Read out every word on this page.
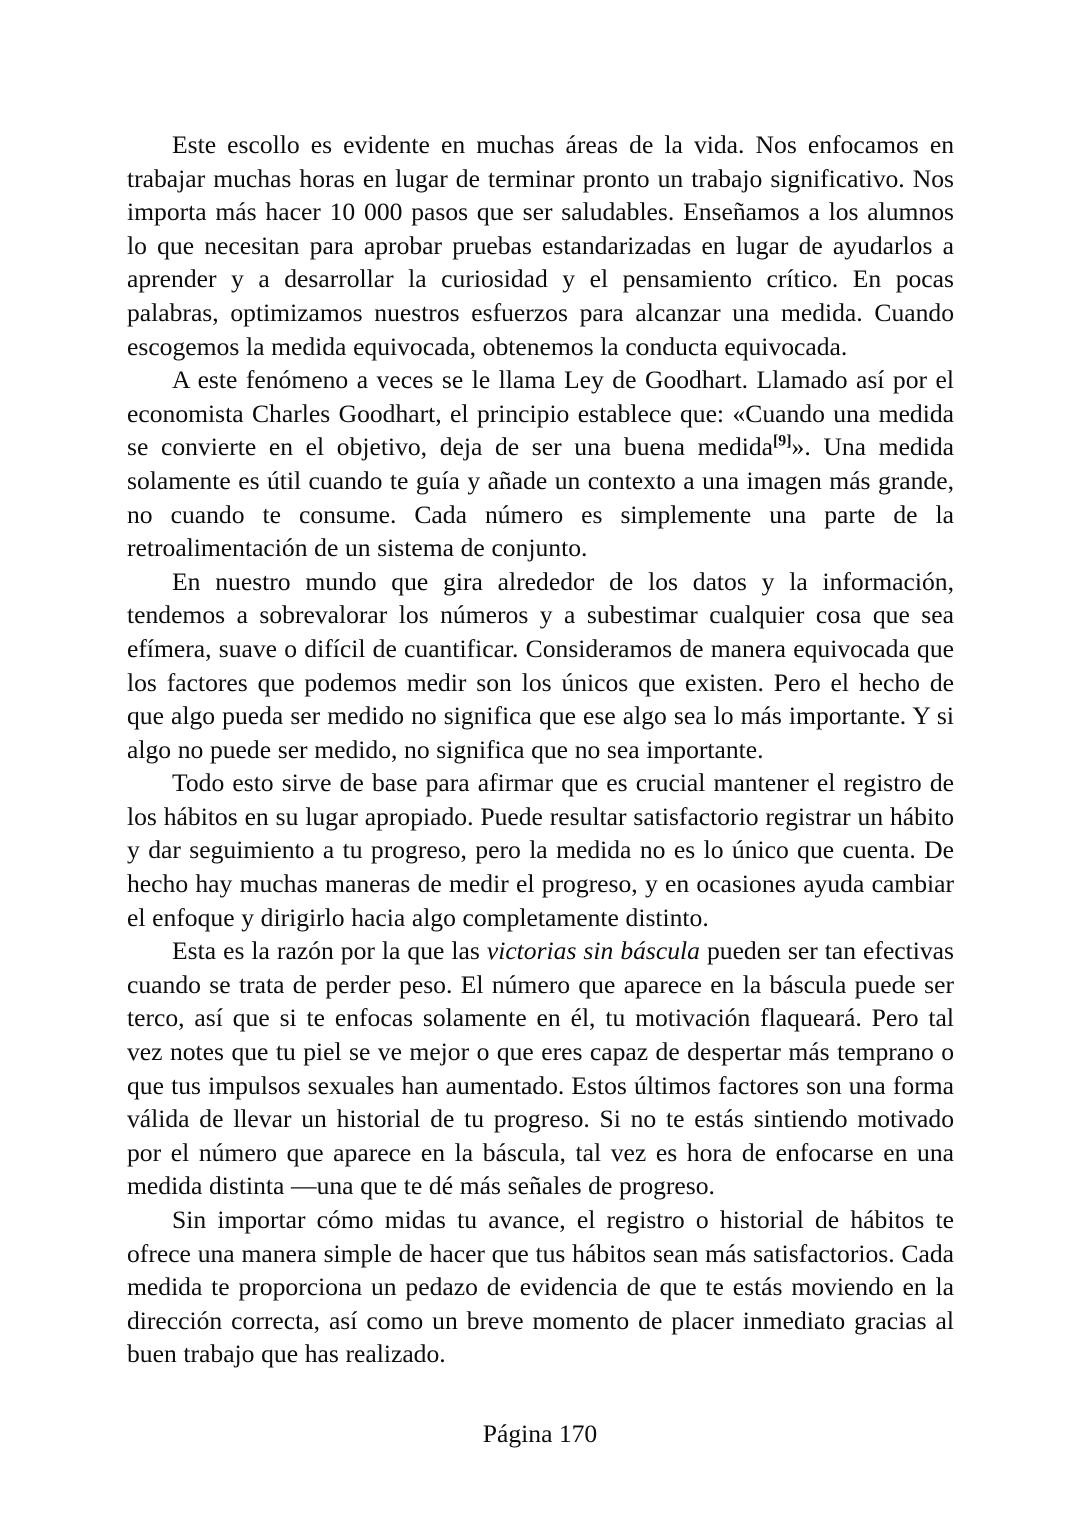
Este escollo es evidente en muchas áreas de la vida. Nos enfocamos en trabajar muchas horas en lugar de terminar pronto un trabajo significativo. Nos importa más hacer 10 000 pasos que ser saludables. Enseñamos a los alumnos lo que necesitan para aprobar pruebas estandarizadas en lugar de ayudarlos a aprender y a desarrollar la curiosidad y el pensamiento crítico. En pocas palabras, optimizamos nuestros esfuerzos para alcanzar una medida. Cuando escogemos la medida equivocada, obtenemos la conducta equivocada.

A este fenómeno a veces se le llama Ley de Goodhart. Llamado así por el economista Charles Goodhart, el principio establece que: «Cuando una medida se convierte en el objetivo, deja de ser una buena medida[9]». Una medida solamente es útil cuando te guía y añade un contexto a una imagen más grande, no cuando te consume. Cada número es simplemente una parte de la retroalimentación de un sistema de conjunto.

En nuestro mundo que gira alrededor de los datos y la información, tendemos a sobrevalorar los números y a subestimar cualquier cosa que sea efímera, suave o difícil de cuantificar. Consideramos de manera equivocada que los factores que podemos medir son los únicos que existen. Pero el hecho de que algo pueda ser medido no significa que ese algo sea lo más importante. Y si algo no puede ser medido, no significa que no sea importante.

Todo esto sirve de base para afirmar que es crucial mantener el registro de los hábitos en su lugar apropiado. Puede resultar satisfactorio registrar un hábito y dar seguimiento a tu progreso, pero la medida no es lo único que cuenta. De hecho hay muchas maneras de medir el progreso, y en ocasiones ayuda cambiar el enfoque y dirigirlo hacia algo completamente distinto.

Esta es la razón por la que las victorias sin báscula pueden ser tan efectivas cuando se trata de perder peso. El número que aparece en la báscula puede ser terco, así que si te enfocas solamente en él, tu motivación flaqueará. Pero tal vez notes que tu piel se ve mejor o que eres capaz de despertar más temprano o que tus impulsos sexuales han aumentado. Estos últimos factores son una forma válida de llevar un historial de tu progreso. Si no te estás sintiendo motivado por el número que aparece en la báscula, tal vez es hora de enfocarse en una medida distinta —una que te dé más señales de progreso.

Sin importar cómo midas tu avance, el registro o historial de hábitos te ofrece una manera simple de hacer que tus hábitos sean más satisfactorios. Cada medida te proporciona un pedazo de evidencia de que te estás moviendo en la dirección correcta, así como un breve momento de placer inmediato gracias al buen trabajo que has realizado.

Página 170
